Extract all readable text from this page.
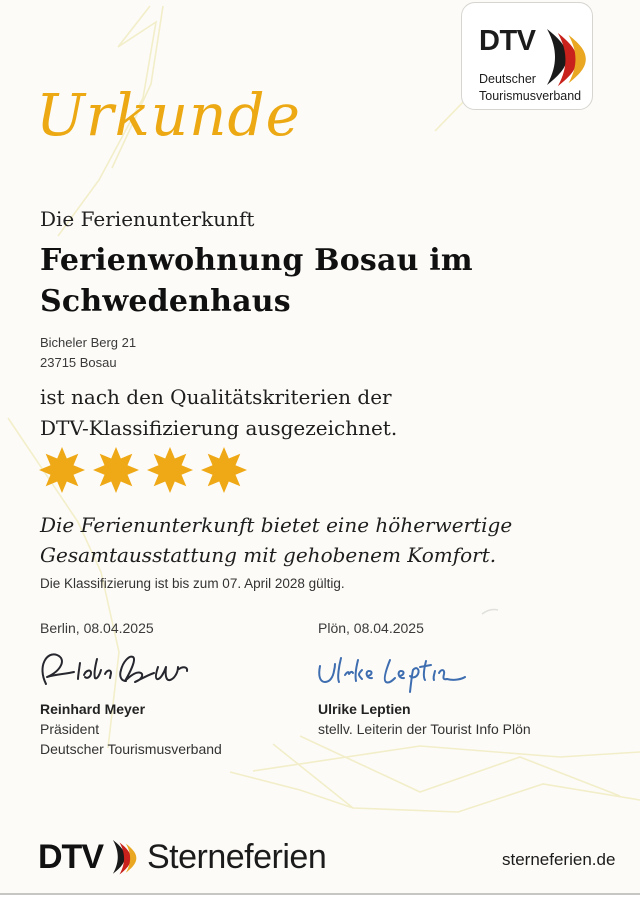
DTV
Deutscher
Tourismusverband
Urkunde

Die Ferienunterkunft

Ferienwohnung Bosau im
Schwedenhaus

Bicheler Berg 21
23715 Bosau

ist nach den Qualitätskriterien der
DTV-Klassifizierung ausgezeichnet.

Die Ferienunterkunft bietet eine höherwertige
Gesamtausstattung mit gehobenem Komfort.

Die Klassifizierung ist bis zum 07. April 2028 gültig.

Berlin, 08.04.2025	Plön, 08.04.2025

Reinhard Meyer

Präsident

Deutscher Tourismusverband

Ulrike Leptien

stellv. Leiterin der Tourist Info Plön

DTV Sterneferien	sterneferien.de
